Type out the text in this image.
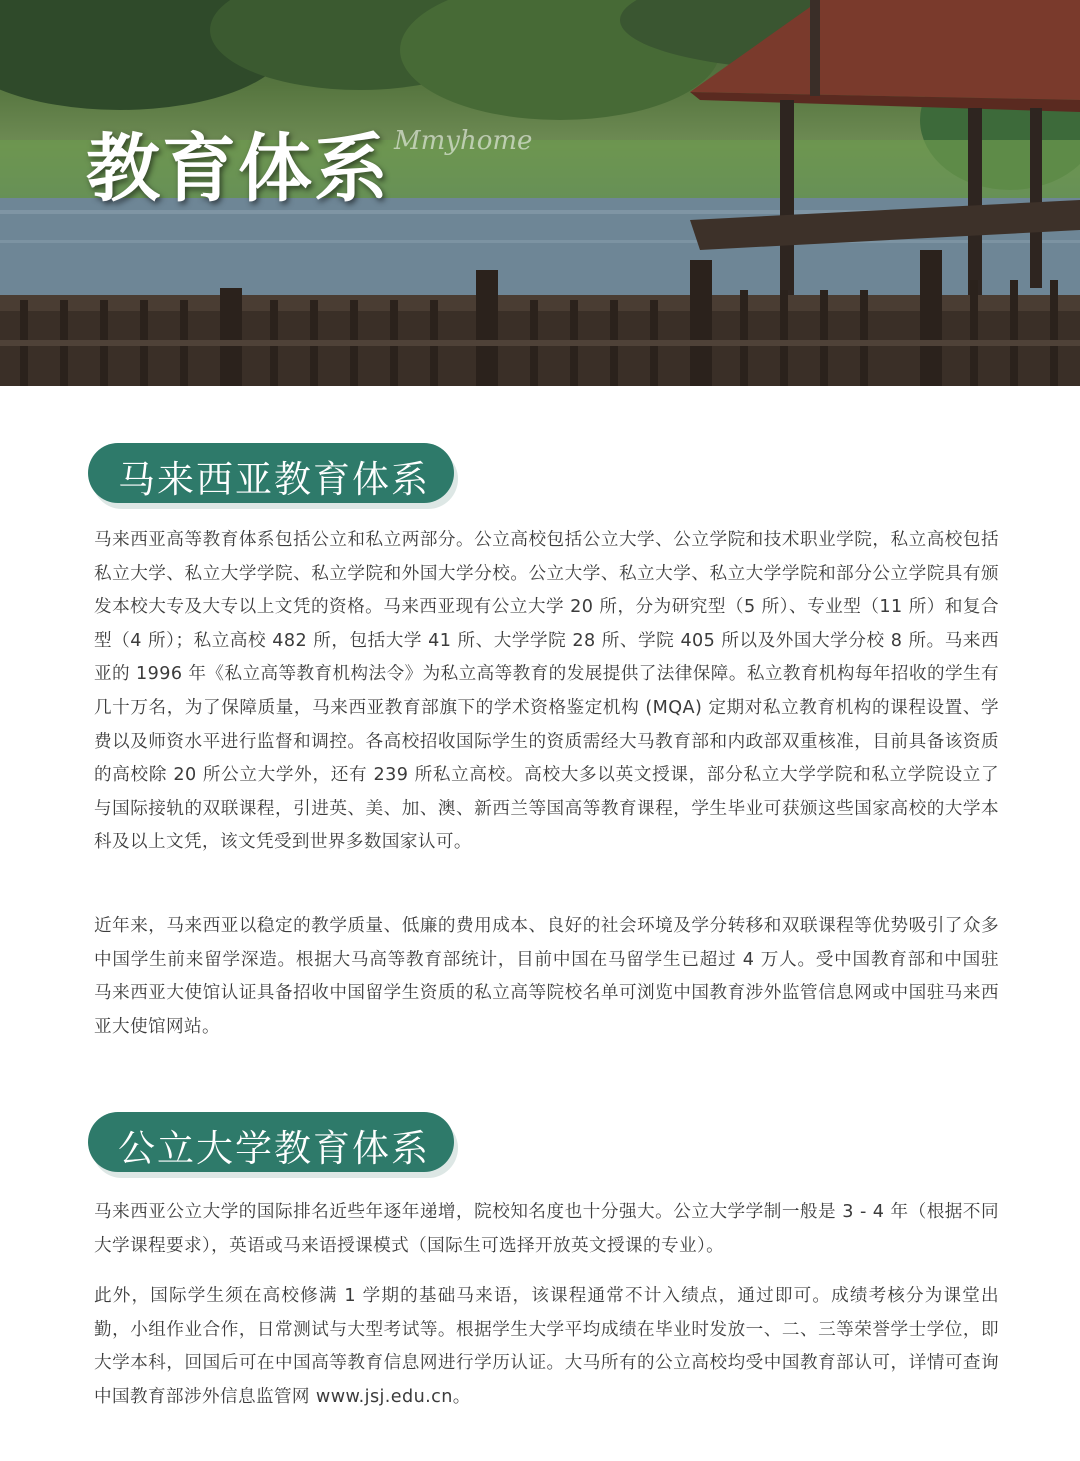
教育体系 Mmyhome
马来西亚教育体系

马来西亚高等教育体系包括公立和私立两部分。公立高校包括公立大学、公立学院和技术职业学院，私立高校包括私立大学、私立大学学院、私立学院和外国大学分校。公立大学、私立大学、私立大学学院和部分公立学院具有颁发本校大专及大专以上文凭的资格。马来西亚现有公立大学 20 所，分为研究型（5 所）、专业型（11 所）和复合型（4 所）；私立高校 482 所，包括大学 41 所、大学学院 28 所、学院 405 所以及外国大学分校 8 所。马来西亚的 1996 年《私立高等教育机构法令》为私立高等教育的发展提供了法律保障。私立教育机构每年招收的学生有几十万名，为了保障质量，马来西亚教育部旗下的学术资格鉴定机构 (MQA) 定期对私立教育机构的课程设置、学费以及师资水平进行监督和调控。各高校招收国际学生的资质需经大马教育部和内政部双重核准，目前具备该资质的高校除 20 所公立大学外，还有 239 所私立高校。高校大多以英文授课，部分私立大学学院和私立学院设立了与国际接轨的双联课程，引进英、美、加、澳、新西兰等国高等教育课程，学生毕业可获颁这些国家高校的大学本科及以上文凭，该文凭受到世界多数国家认可。

近年来，马来西亚以稳定的教学质量、低廉的费用成本、良好的社会环境及学分转移和双联课程等优势吸引了众多中国学生前来留学深造。根据大马高等教育部统计，目前中国在马留学生已超过 4 万人。受中国教育部和中国驻马来西亚大使馆认证具备招收中国留学生资质的私立高等院校名单可浏览中国教育涉外监管信息网或中国驻马来西亚大使馆网站。

公立大学教育体系

马来西亚公立大学的国际排名近些年逐年递增，院校知名度也十分强大。公立大学学制一般是 3 - 4 年（根据不同大学课程要求），英语或马来语授课模式（国际生可选择开放英文授课的专业）。

此外，国际学生须在高校修满 1 学期的基础马来语，该课程通常不计入绩点，通过即可。成绩考核分为课堂出勤，小组作业合作，日常测试与大型考试等。根据学生大学平均成绩在毕业时发放一、二、三等荣誉学士学位，即大学本科，回国后可在中国高等教育信息网进行学历认证。大马所有的公立高校均受中国教育部认可，详情可查询中国教育部涉外信息监管网 www.jsj.edu.cn。
